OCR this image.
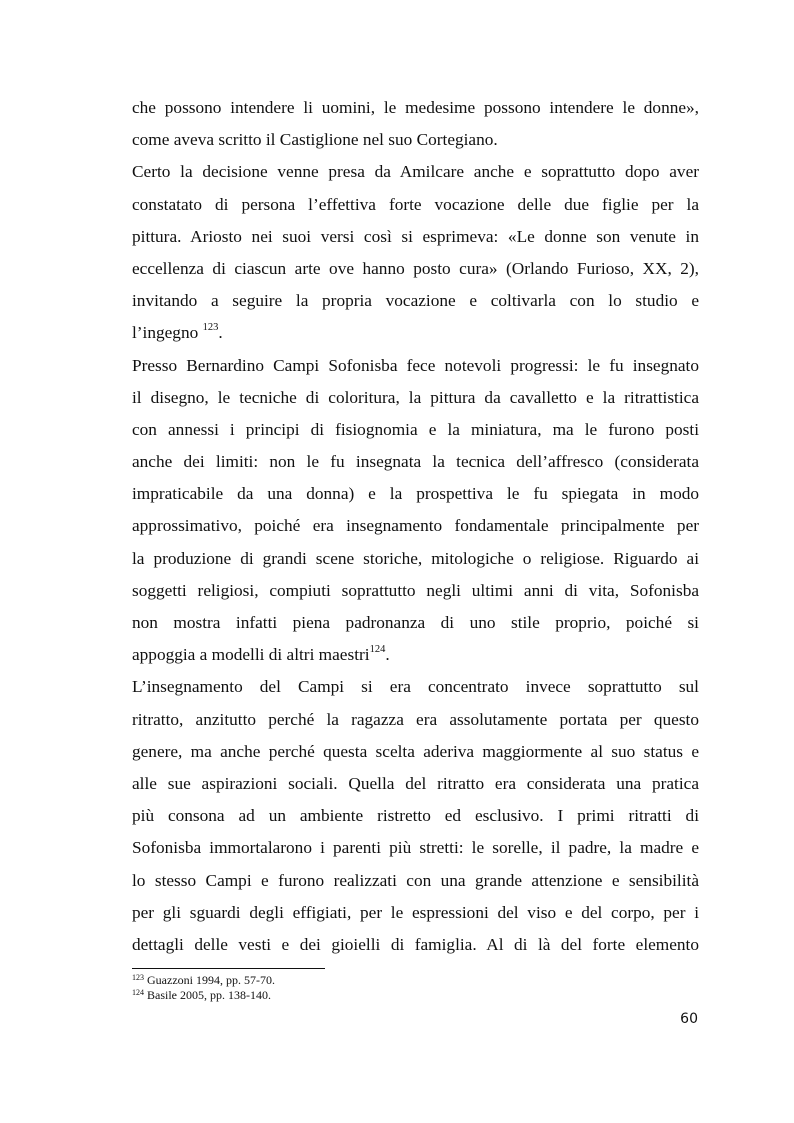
che possono intendere li uomini, le medesime possono intendere le donne»,
come aveva scritto il Castiglione nel suo Cortegiano.
Certo la decisione venne presa da Amilcare anche e soprattutto dopo aver
constatato di persona l’effettiva forte vocazione delle due figlie per la
pittura. Ariosto nei suoi versi così si esprimeva: «Le donne son venute in
eccellenza di ciascun arte ove hanno posto cura» (Orlando Furioso, XX, 2),
invitando a seguire la propria vocazione e coltivarla con lo studio e
l’ingegno $^{123}$.
Presso Bernardino Campi Sofonisba fece notevoli progressi: le fu insegnato
il disegno, le tecniche di coloritura, la pittura da cavalletto e la ritrattistica
con annessi i principi di fisiognomia e la miniatura, ma le furono posti
anche dei limiti: non le fu insegnata la tecnica dell’affresco (considerata
impraticabile da una donna) e la prospettiva le fu spiegata in modo
approssimativo, poiché era insegnamento fondamentale principalmente per
la produzione di grandi scene storiche, mitologiche o religiose. Riguardo ai
soggetti religiosi, compiuti soprattutto negli ultimi anni di vita, Sofonisba
non mostra infatti piena padronanza di uno stile proprio, poiché si
appoggia a modelli di altri maestri$^{124}$.
L’insegnamento del Campi si era concentrato invece soprattutto sul
ritratto, anzitutto perché la ragazza era assolutamente portata per questo
genere, ma anche perché questa scelta aderiva maggiormente al suo status e
alle sue aspirazioni sociali. Quella del ritratto era considerata una pratica
più consona ad un ambiente ristretto ed esclusivo. I primi ritratti di
Sofonisba immortalarono i parenti più stretti: le sorelle, il padre, la madre e
lo stesso Campi e furono realizzati con una grande attenzione e sensibilità
per gli sguardi degli effigiati, per le espressioni del viso e del corpo, per i
dettagli delle vesti e dei gioielli di famiglia. Al di là del forte elemento
$^{123}$ Guazzoni 1994, pp. 57-70.
$^{124}$ Basile 2005, pp. 138-140.
60
